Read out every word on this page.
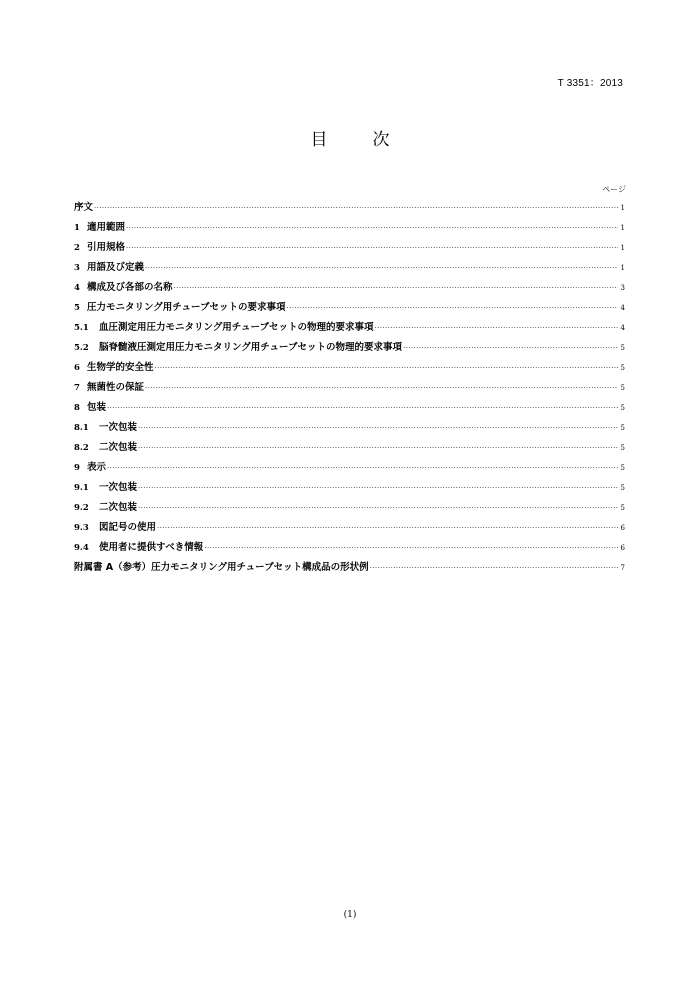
T 3351：2013
目　次
ページ
序文 ·····	1
1 適用範囲 ·····	1
2 引用規格 ·····	1
3 用語及び定義 ·····	1
4 構成及び各部の名称 ·····	3
5 圧力モニタリング用チューブセットの要求事項 ·····	4
5.1	血圧測定用圧力モニタリング用チューブセットの物理的要求事項 ·····	4
5.2	脳脊髄液圧測定用圧力モニタリング用チューブセットの物理的要求事項 ·····	5
6 生物学的安全性 ·····	5
7 無菌性の保証 ·····	5
8 包装 ·····	5
8.1	一次包装 ·····	5
8.2	二次包装 ·····	5
9 表示 ·····	5
9.1	一次包装 ·····	5
9.2	二次包装 ·····	5
9.3	図記号の使用 ·····	6
9.4	使用者に提供すべき情報 ·····	6
附属書 A（参考）圧力モニタリング用チューブセット構成品の形状例 ·····	7
(1)
